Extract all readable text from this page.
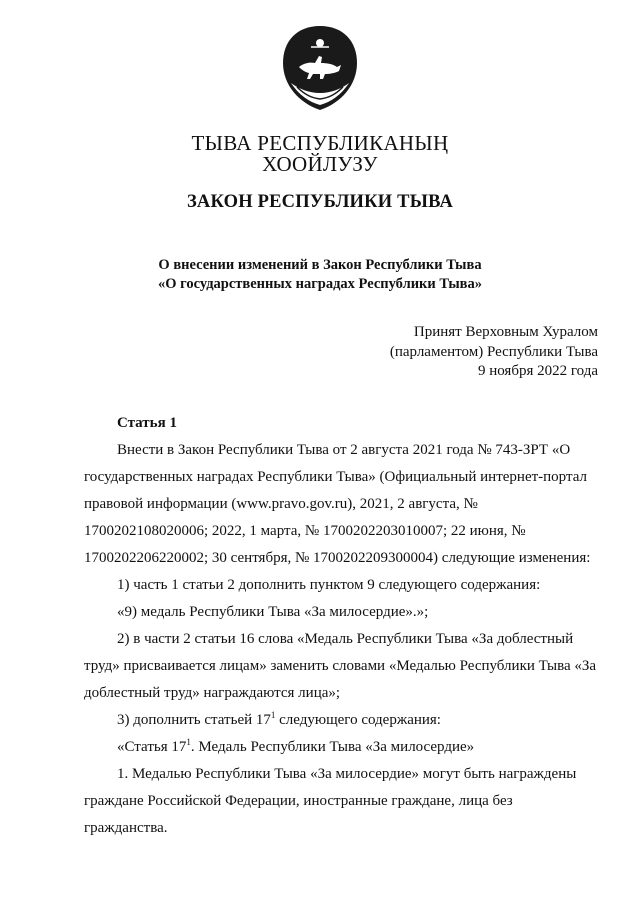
ТЫВА РЕСПУБЛИКАНЫҢ
ХООЙЛУЗУ
ЗАКОН РЕСПУБЛИКИ ТЫВА
О внесении изменений в Закон Республики Тыва
«О государственных наградах Республики Тыва»
Принят Верховным Хуралом
(парламентом) Республики Тыва
9 ноября 2022 года
Статья 1

Внести в Закон Республики Тыва от 2 августа 2021 года № 743-ЗРТ «О

государственных наградах Республики Тыва» (Официальный интернет-портал

правовой информации (www.pravo.gov.ru), 2021, 2 августа, №

1700202108020006; 2022, 1 марта, № 1700202203010007; 22 июня, №

1700202206220002; 30 сентября, № 1700202209300004) следующие изменения:

1) часть 1 статьи 2 дополнить пунктом 9 следующего содержания:

«9) медаль Республики Тыва «За милосердие».»;

2) в части 2 статьи 16 слова «Медаль Республики Тыва «За доблестный

труд» присваивается лицам» заменить словами «Медалью Республики Тыва «За

доблестный труд» награждаются лица»;

3) дополнить статьей $17^1$ следующего содержания:

«Статья $17^1$. Медаль Республики Тыва «За милосердие»

1. Медалью Республики Тыва «За милосердие» могут быть награждены

граждане Российской Федерации, иностранные граждане, лица без

гражданства.
